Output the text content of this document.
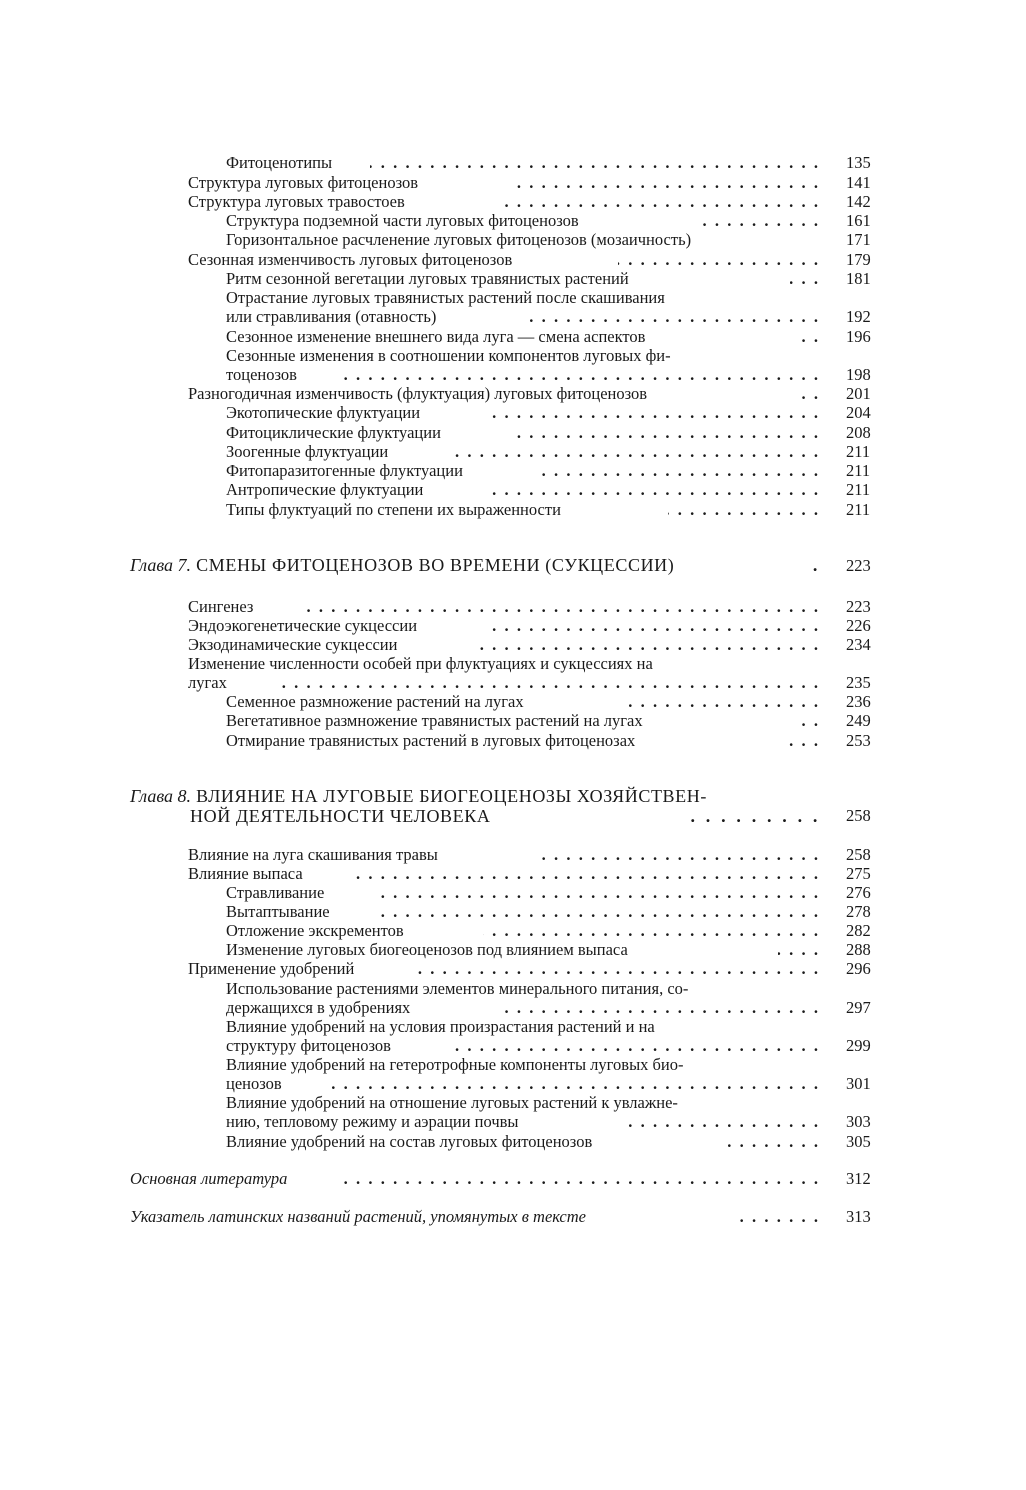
Фитоценотипы . .	135
Структура луговых фитоценозов . .	141
Структура луговых травостоев . .	142
Структура подземной части луговых фитоценозов . .	161
Горизонтальное расчленение луговых фитоценозов (мозаичность)	171
Сезонная изменчивость луговых фитоценозов . .	179
Ритм сезонной вегетации луговых травянистых растений . .	181
Отрастание луговых травянистых растений после скашивания
или стравливания (отавность) . .	192
Сезонное изменение внешнего вида луга — смена аспектов . .	196
Сезонные изменения в соотношении компонентов луговых фи-
тоценозов . .	198
Разногодичная изменчивость (флуктуация) луговых фитоценозов . .	201
Экотопические флуктуации . .	204
Фитоциклические флуктуации . .	208
Зоогенные флуктуации . .	211
Фитопаразитогенные флуктуации . .	211
Антропические флуктуации . .	211
Типы флуктуаций по степени их выраженности . .	211
Глава 7. СМЕНЫ ФИТОЦЕНОЗОВ ВО ВРЕМЕНИ (СУКЦЕССИИ)	. 223
Сингенез . .	223
Эндоэкогенетические сукцессии . .	226
Экзодинамические сукцессии . .	234
Изменение численности особей при флуктуациях и сукцессиях на
лугах . .	235
Семенное размножение растений на лугах . .	236
Вегетативное размножение травянистых растений на лугах . .	249
Отмирание травянистых растений в луговых фитоценозах . .	253
Глава 8. ВЛИЯНИЕ НА ЛУГОВЫЕ БИОГЕОЦЕНОЗЫ ХОЗЯЙСТВЕН-
НОЙ ДЕЯТЕЛЬНОСТИ ЧЕЛОВЕКА	.  .  .  .  .  .  .  .  . 258
Влияние на луга скашивания травы . .	258
Влияние выпаса . .	275
Стравливание . .	276
Вытаптывание . .	278
Отложение экскрементов . .	282
Изменение луговых биогеоценозов под влиянием выпаса . .	288
Применение удобрений . .	296
Использование растениями элементов минерального питания, со-
держащихся в удобрениях . .	297
Влияние удобрений на условия произрастания растений и на
структуру фитоценозов . .	299
Влияние удобрений на гетеротрофные компоненты луговых био-
ценозов . .	301
Влияние удобрений на отношение луговых растений к увлажне-
нию, тепловому режиму и аэрации почвы . .	303
Влияние удобрений на состав луговых фитоценозов . .	305
Основная литература . .	312
Указатель латинских названий растений, упомянутых в тексте . .	313
